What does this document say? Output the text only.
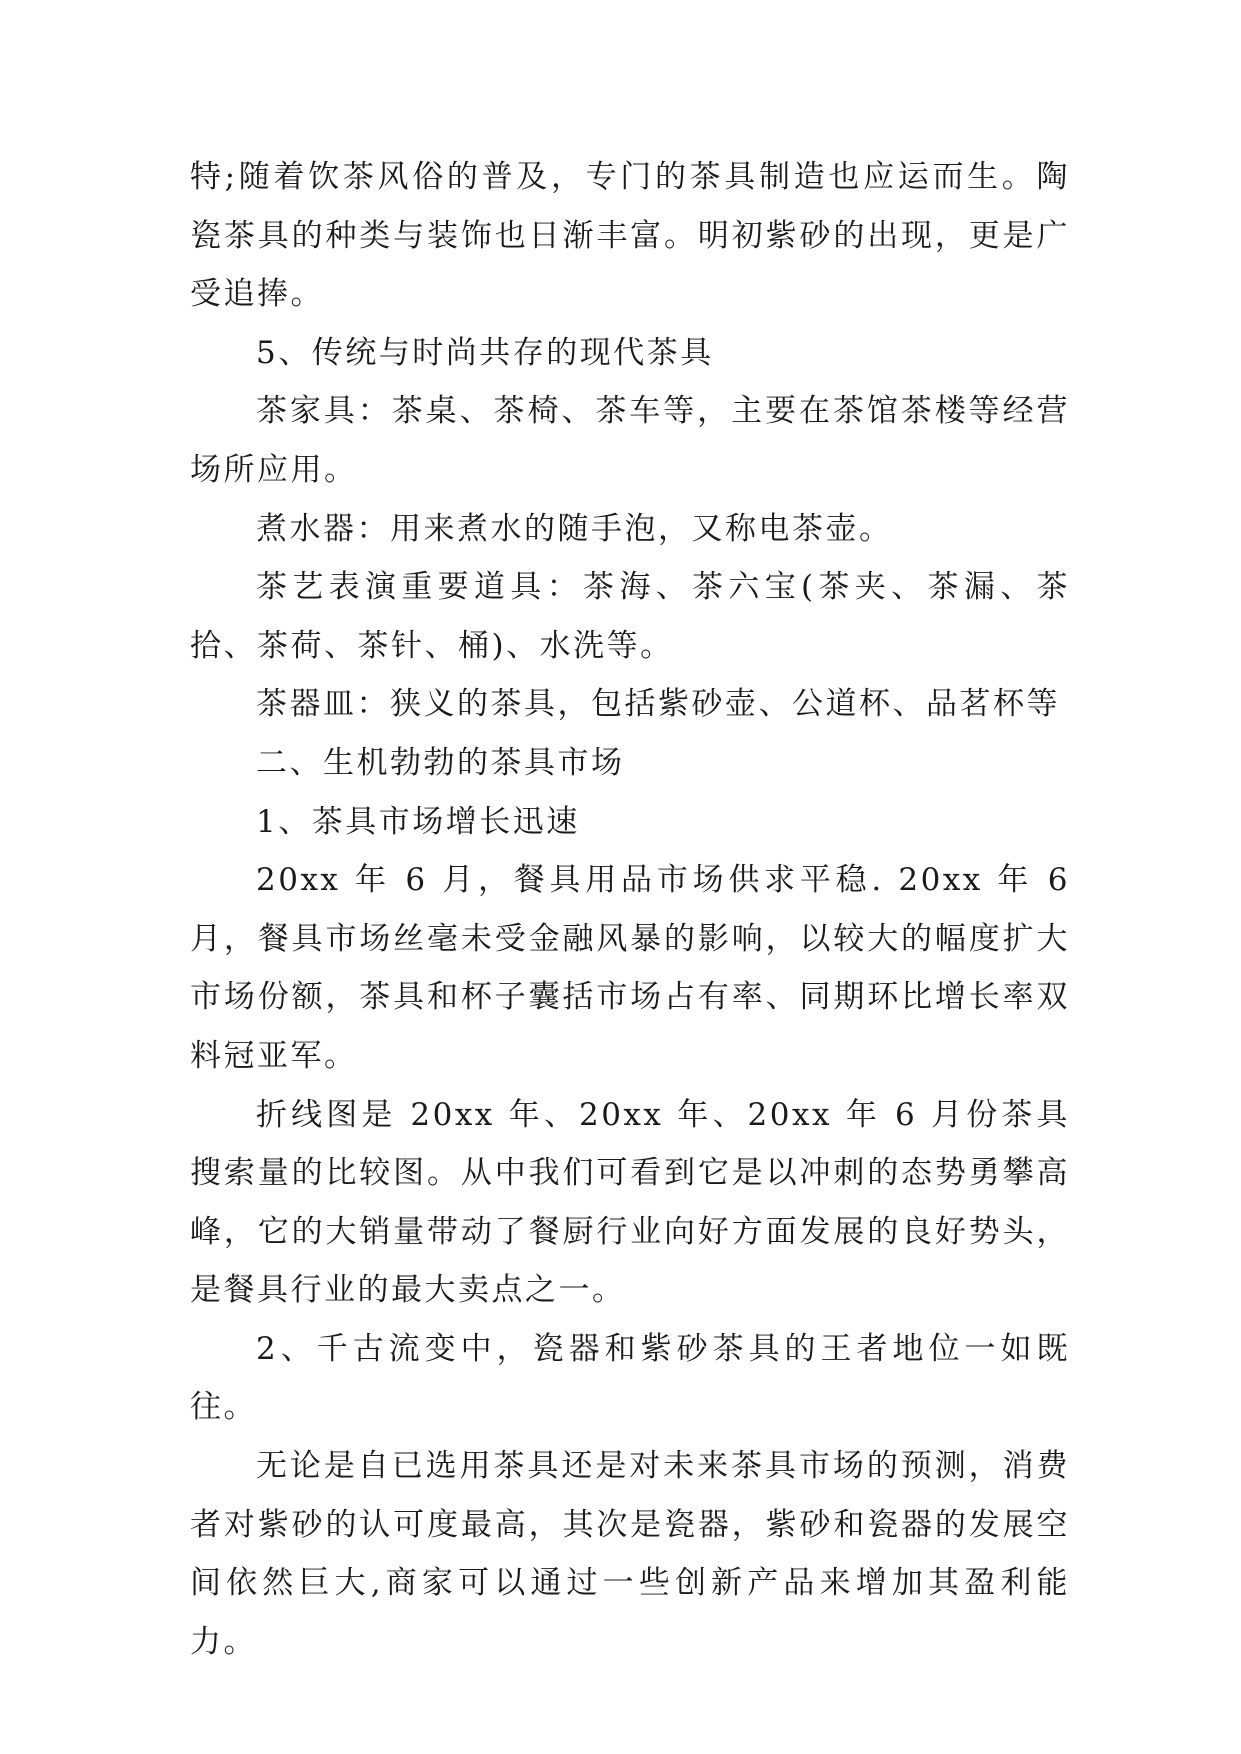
特;随着饮茶风俗的普及，专门的茶具制造也应运而生。陶瓷茶具的种类与装饰也日渐丰富。明初紫砂的出现，更是广受追捧。

5、传统与时尚共存的现代茶具

茶家具：茶桌、茶椅、茶车等，主要在茶馆茶楼等经营场所应用。

煮水器：用来煮水的随手泡，又称电茶壶。

茶艺表演重要道具：茶海、茶六宝(茶夹、茶漏、茶拾、茶荷、茶针、桶)、水洗等。

茶器皿：狭义的茶具，包括紫砂壶、公道杯、品茗杯等

二、生机勃勃的茶具市场

1、茶具市场增长迅速

20xx 年 6 月，餐具用品市场供求平稳. 20xx 年 6 月，餐具市场丝毫未受金融风暴的影响，以较大的幅度扩大市场份额，茶具和杯子囊括市场占有率、同期环比增长率双料冠亚军。

折线图是 20xx 年、20xx 年、20xx 年 6 月份茶具搜索量的比较图。从中我们可看到它是以冲刺的态势勇攀高峰，它的大销量带动了餐厨行业向好方面发展的良好势头，是餐具行业的最大卖点之一。

2、千古流变中，瓷器和紫砂茶具的王者地位一如既往。

无论是自已选用茶具还是对未来茶具市场的预测，消费者对紫砂的认可度最高，其次是瓷器，紫砂和瓷器的发展空间依然巨大,商家可以通过一些创新产品来增加其盈利能力。
